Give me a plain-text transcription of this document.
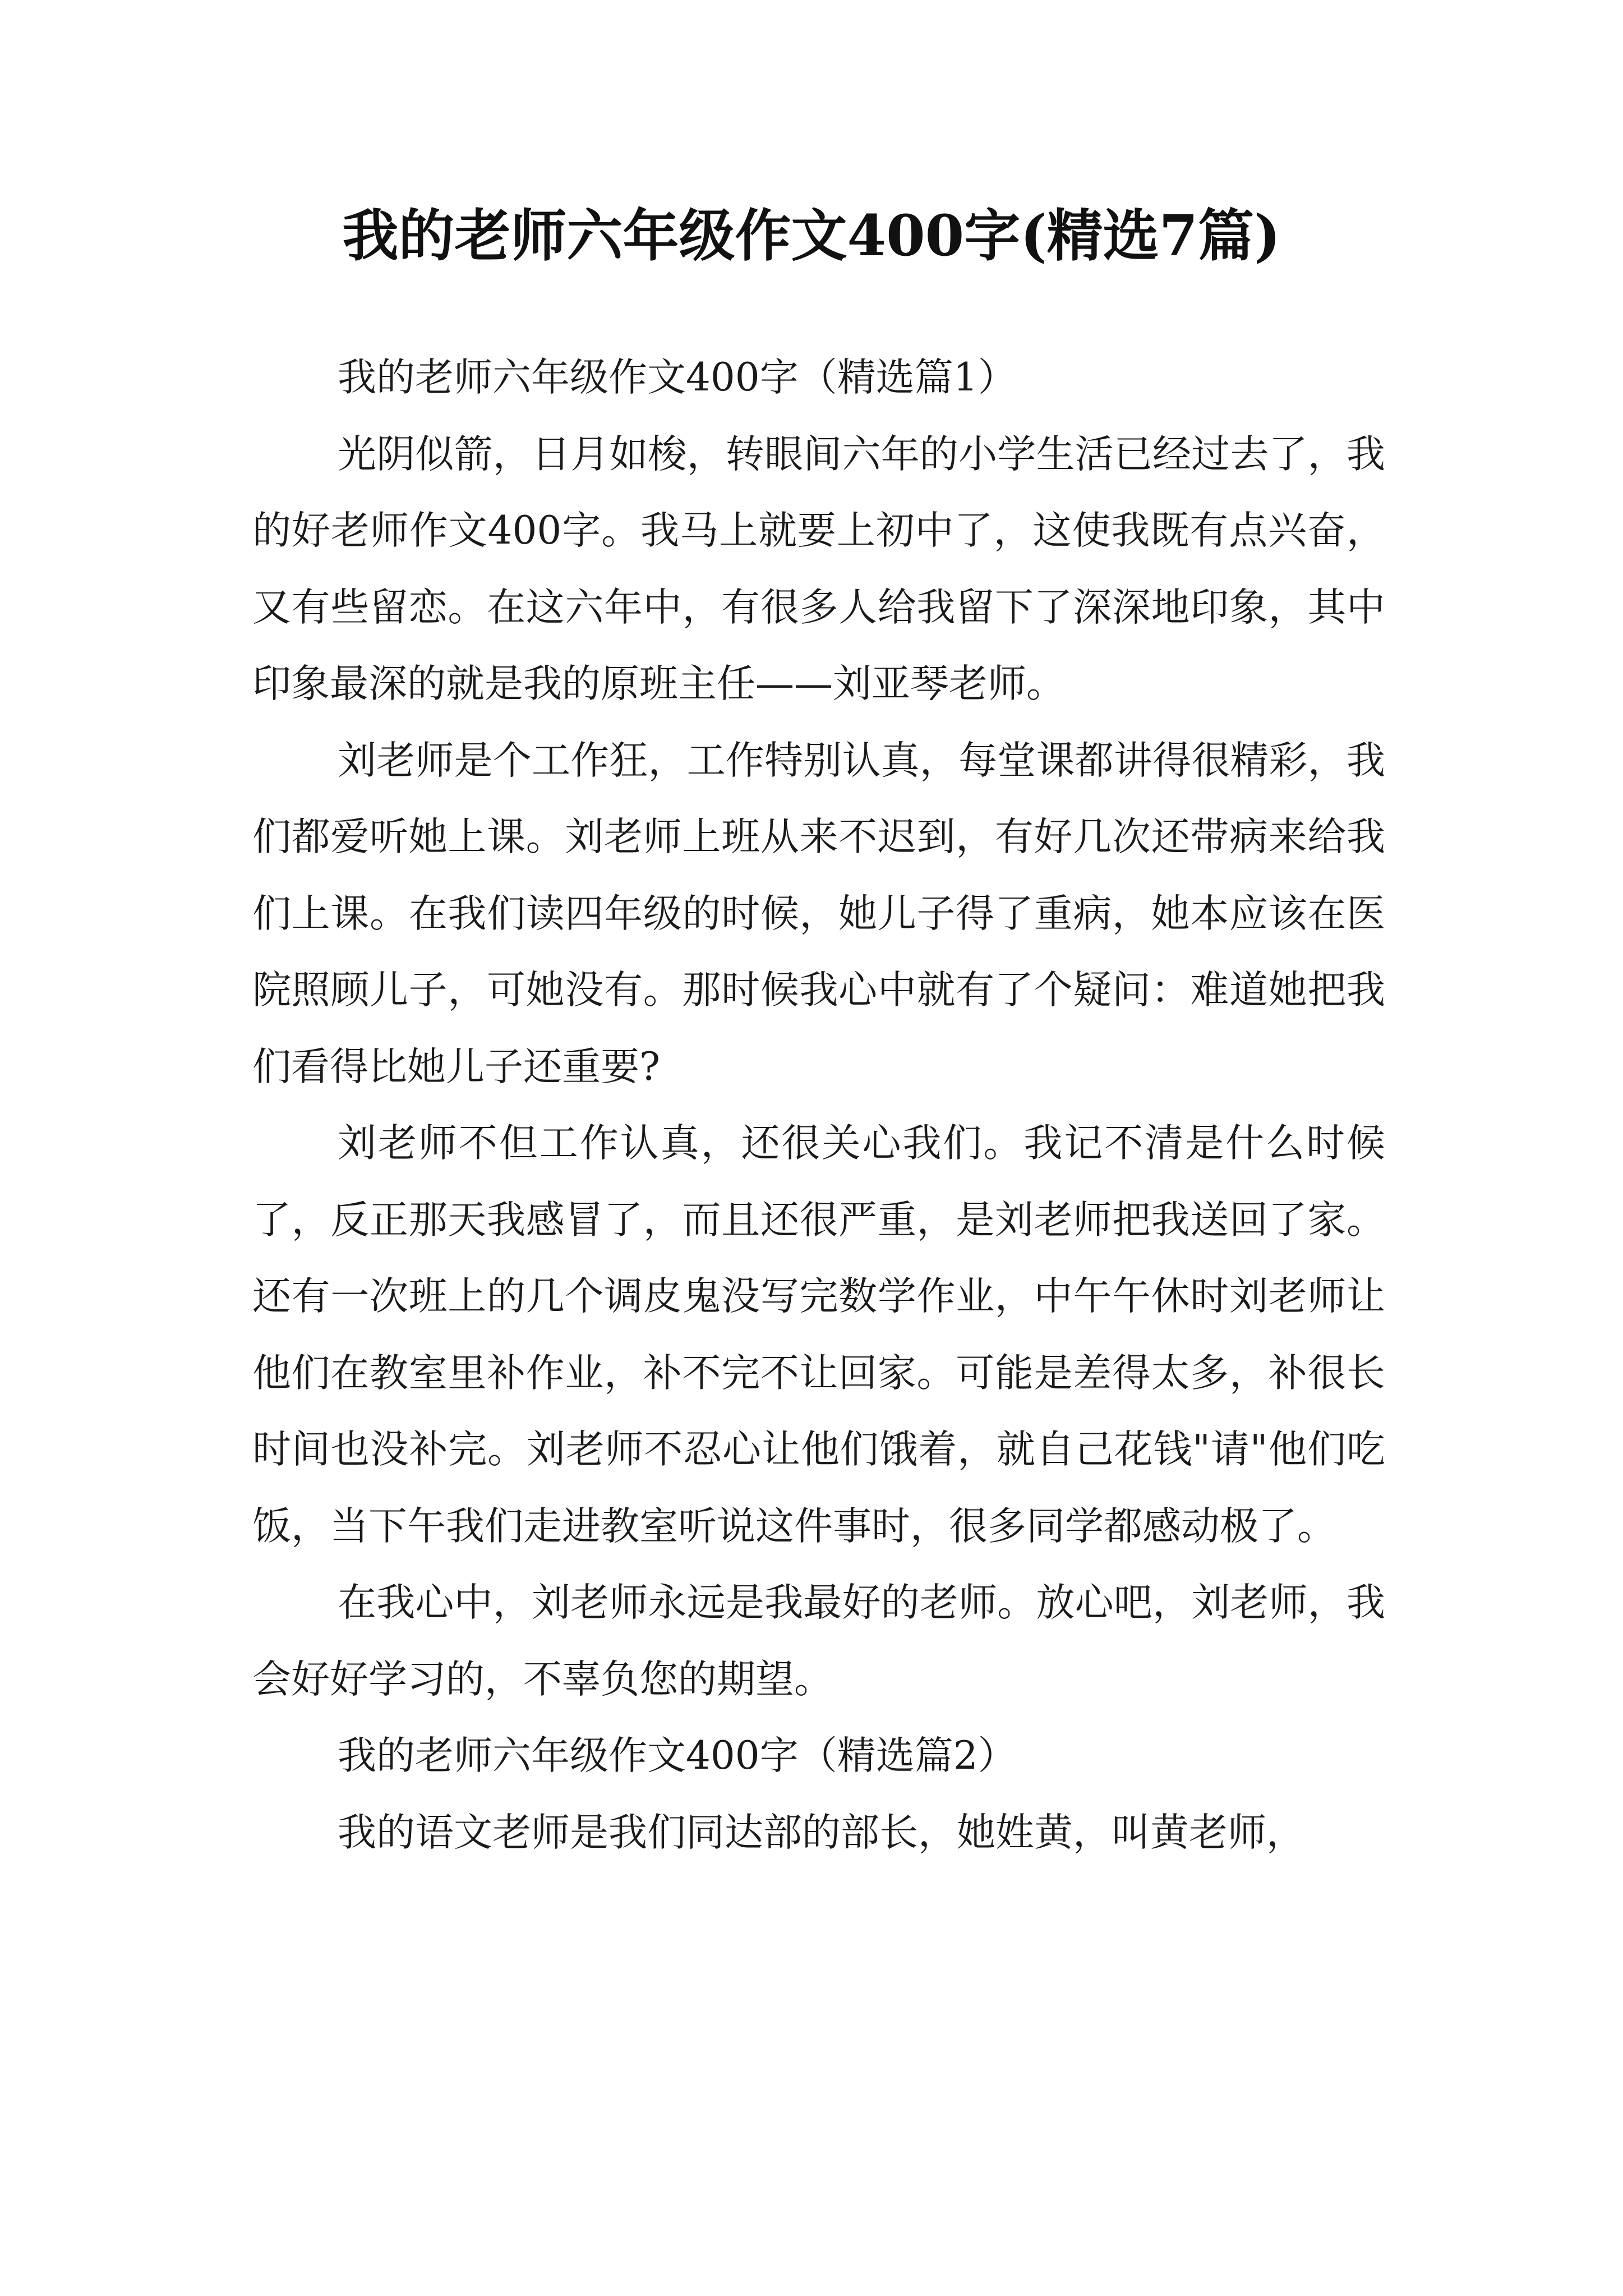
我的老师六年级作文400字(精选7篇)

我的老师六年级作文400字（精选篇1）

光阴似箭，日月如梭，转眼间六年的小学生活已经过去了，我的好老师作文400字。我马上就要上初中了，这使我既有点兴奋，又有些留恋。在这六年中，有很多人给我留下了深深地印象，其中印象最深的就是我的原班主任——刘亚琴老师。

刘老师是个工作狂，工作特别认真，每堂课都讲得很精彩，我们都爱听她上课。刘老师上班从来不迟到，有好几次还带病来给我们上课。在我们读四年级的时候，她儿子得了重病，她本应该在医院照顾儿子，可她没有。那时候我心中就有了个疑问：难道她把我们看得比她儿子还重要?

刘老师不但工作认真，还很关心我们。我记不清是什么时候了，反正那天我感冒了，而且还很严重，是刘老师把我送回了家。还有一次班上的几个调皮鬼没写完数学作业，中午午休时刘老师让他们在教室里补作业，补不完不让回家。可能是差得太多，补很长时间也没补完。刘老师不忍心让他们饿着，就自己花钱"请"他们吃饭，当下午我们走进教室听说这件事时，很多同学都感动极了。

在我心中，刘老师永远是我最好的老师。放心吧，刘老师，我会好好学习的，不辜负您的期望。

我的老师六年级作文400字（精选篇2）

我的语文老师是我们同达部的部长，她姓黄，叫黄老师，
